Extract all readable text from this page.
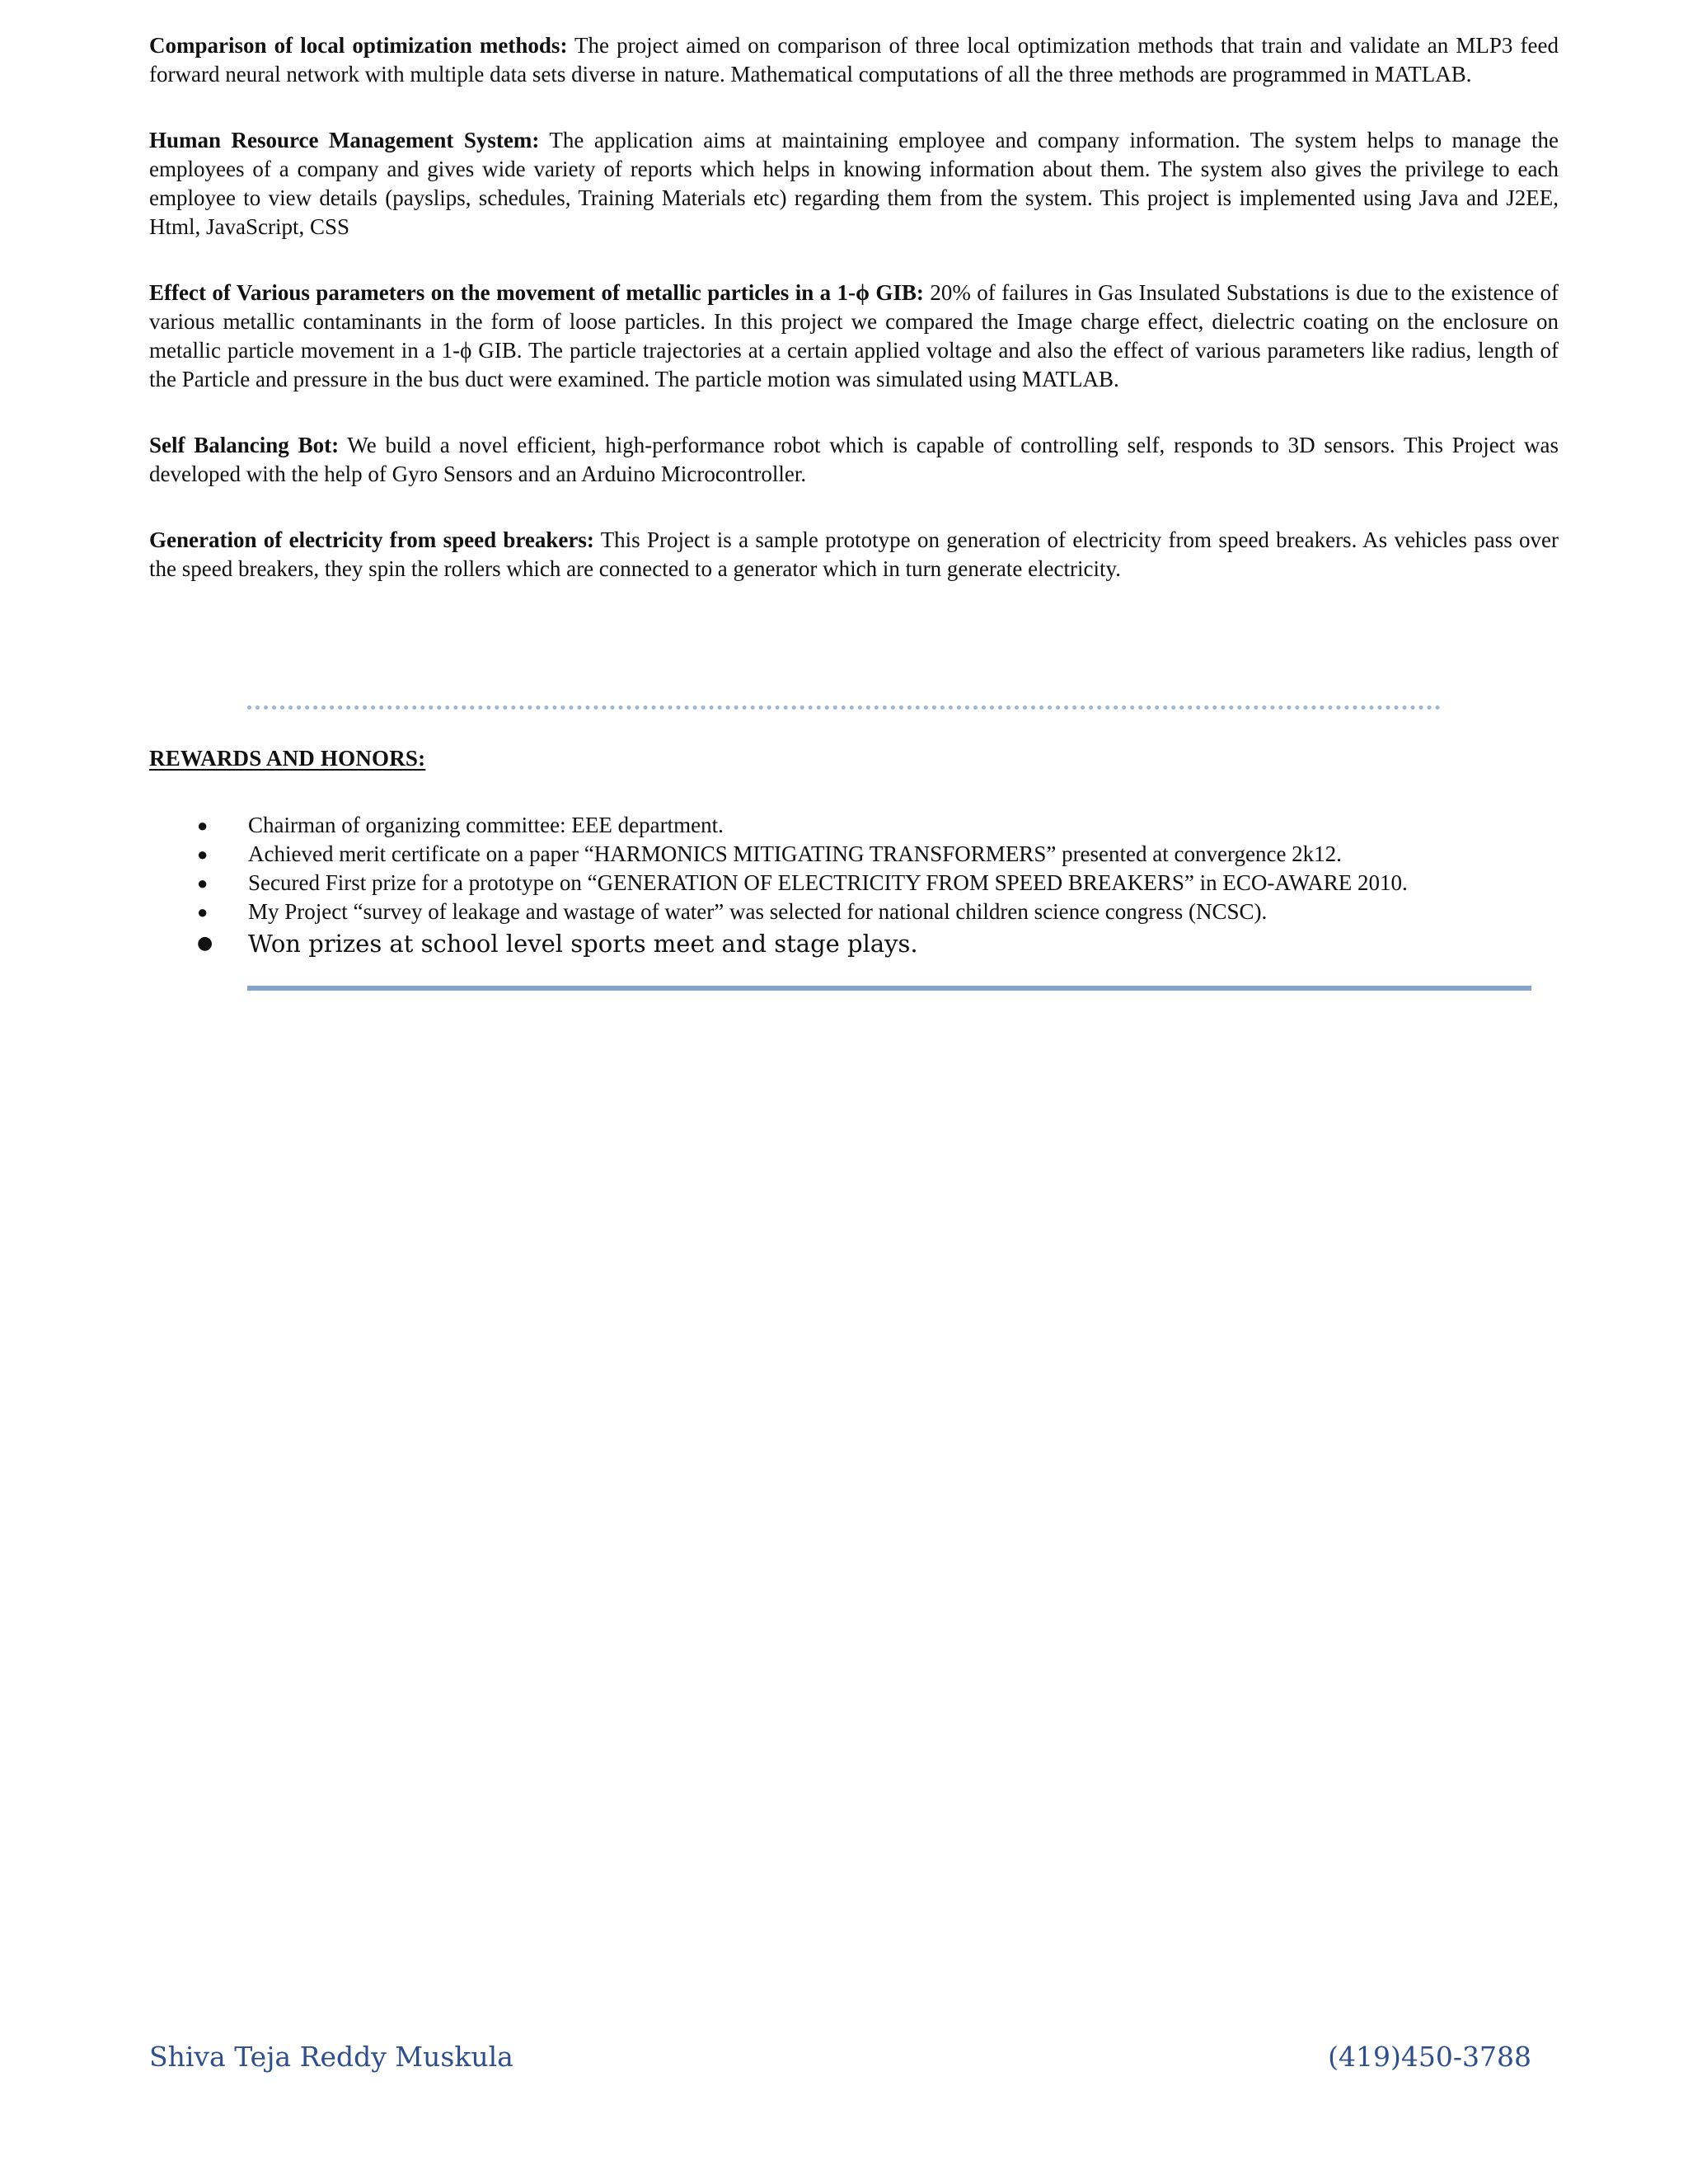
Comparison of local optimization methods: The project aimed on comparison of three local optimization methods that train and validate an MLP3 feed forward neural network with multiple data sets diverse in nature. Mathematical computations of all the three methods are programmed in MATLAB.

Human Resource Management System: The application aims at maintaining employee and company information. The system helps to manage the employees of a company and gives wide variety of reports which helps in knowing information about them. The system also gives the privilege to each employee to view details (payslips, schedules, Training Materials etc) regarding them from the system. This project is implemented using Java and J2EE, Html, JavaScript, CSS

Effect of Various parameters on the movement of metallic particles in a 1-ϕ GIB: 20% of failures in Gas Insulated Substations is due to the existence of various metallic contaminants in the form of loose particles. In this project we compared the Image charge effect, dielectric coating on the enclosure on metallic particle movement in a 1-ϕ GIB. The particle trajectories at a certain applied voltage and also the effect of various parameters like radius, length of the Particle and pressure in the bus duct were examined. The particle motion was simulated using MATLAB.

Self Balancing Bot: We build a novel efficient, high-performance robot which is capable of controlling self, responds to 3D sensors. This Project was developed with the help of Gyro Sensors and an Arduino Microcontroller.

Generation of electricity from speed breakers: This Project is a sample prototype on generation of electricity from speed breakers. As vehicles pass over the speed breakers, they spin the rollers which are connected to a generator which in turn generate electricity.

REWARDS AND HONORS:
● Chairman of organizing committee: EEE department.
● Achieved merit certificate on a paper “HARMONICS MITIGATING TRANSFORMERS” presented at convergence 2k12.
● Secured First prize for a prototype on “GENERATION OF ELECTRICITY FROM SPEED BREAKERS” in ECO-AWARE 2010.
● My Project “survey of leakage and wastage of water” was selected for national children science congress (NCSC).
● Won prizes at school level sports meet and stage plays.
Shiva Teja Reddy Muskula	(419)450-3788
